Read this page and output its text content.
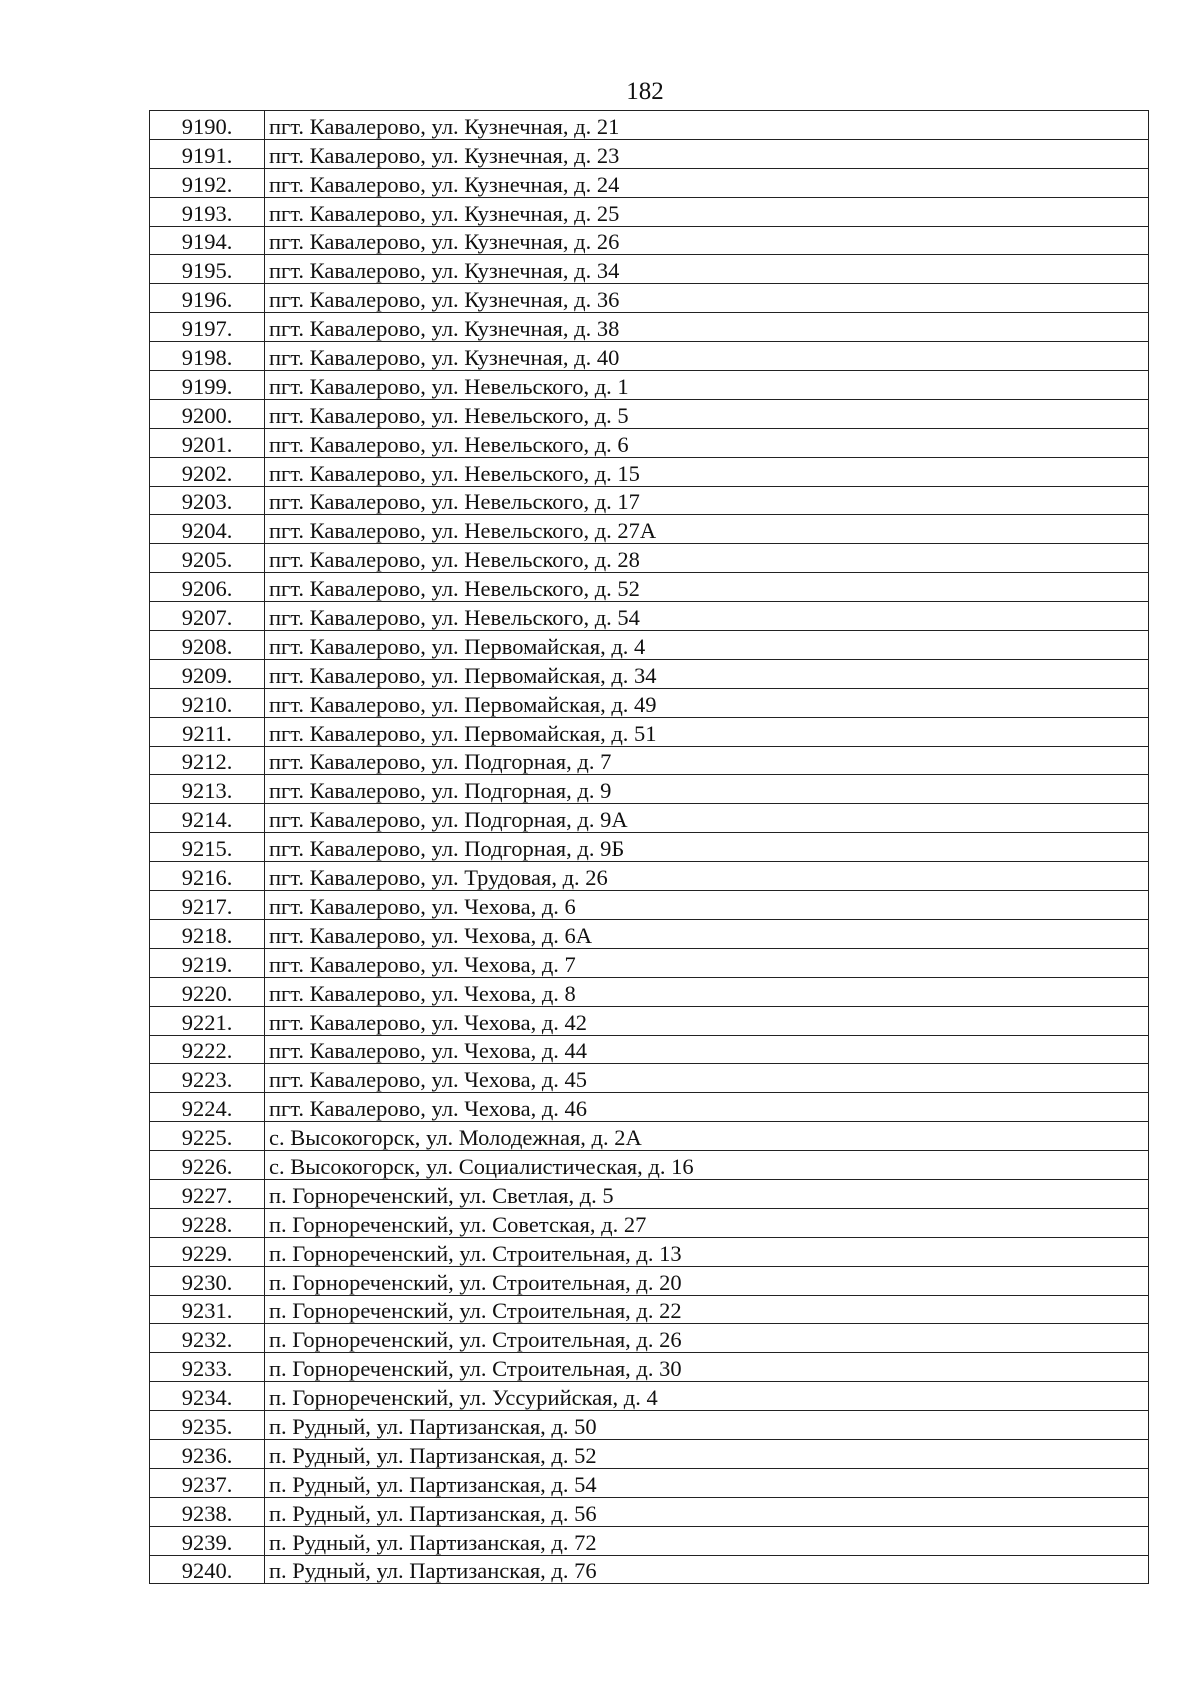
182
9190.	пгт. Кавалерово, ул. Кузнечная, д. 21
9191.	пгт. Кавалерово, ул. Кузнечная, д. 23
9192.	пгт. Кавалерово, ул. Кузнечная, д. 24
9193.	пгт. Кавалерово, ул. Кузнечная, д. 25
9194.	пгт. Кавалерово, ул. Кузнечная, д. 26
9195.	пгт. Кавалерово, ул. Кузнечная, д. 34
9196.	пгт. Кавалерово, ул. Кузнечная, д. 36
9197.	пгт. Кавалерово, ул. Кузнечная, д. 38
9198.	пгт. Кавалерово, ул. Кузнечная, д. 40
9199.	пгт. Кавалерово, ул. Невельского, д. 1
9200.	пгт. Кавалерово, ул. Невельского, д. 5
9201.	пгт. Кавалерово, ул. Невельского, д. 6
9202.	пгт. Кавалерово, ул. Невельского, д. 15
9203.	пгт. Кавалерово, ул. Невельского, д. 17
9204.	пгт. Кавалерово, ул. Невельского, д. 27А
9205.	пгт. Кавалерово, ул. Невельского, д. 28
9206.	пгт. Кавалерово, ул. Невельского, д. 52
9207.	пгт. Кавалерово, ул. Невельского, д. 54
9208.	пгт. Кавалерово, ул. Первомайская, д. 4
9209.	пгт. Кавалерово, ул. Первомайская, д. 34
9210.	пгт. Кавалерово, ул. Первомайская, д. 49
9211.	пгт. Кавалерово, ул. Первомайская, д. 51
9212.	пгт. Кавалерово, ул. Подгорная, д. 7
9213.	пгт. Кавалерово, ул. Подгорная, д. 9
9214.	пгт. Кавалерово, ул. Подгорная, д. 9А
9215.	пгт. Кавалерово, ул. Подгорная, д. 9Б
9216.	пгт. Кавалерово, ул. Трудовая, д. 26
9217.	пгт. Кавалерово, ул. Чехова, д. 6
9218.	пгт. Кавалерово, ул. Чехова, д. 6А
9219.	пгт. Кавалерово, ул. Чехова, д. 7
9220.	пгт. Кавалерово, ул. Чехова, д. 8
9221.	пгт. Кавалерово, ул. Чехова, д. 42
9222.	пгт. Кавалерово, ул. Чехова, д. 44
9223.	пгт. Кавалерово, ул. Чехова, д. 45
9224.	пгт. Кавалерово, ул. Чехова, д. 46
9225.	с. Высокогорск, ул. Молодежная, д. 2А
9226.	с. Высокогорск, ул. Социалистическая, д. 16
9227.	п. Горнореченский, ул. Светлая, д. 5
9228.	п. Горнореченский, ул. Советская, д. 27
9229.	п. Горнореченский, ул. Строительная, д. 13
9230.	п. Горнореченский, ул. Строительная, д. 20
9231.	п. Горнореченский, ул. Строительная, д. 22
9232.	п. Горнореченский, ул. Строительная, д. 26
9233.	п. Горнореченский, ул. Строительная, д. 30
9234.	п. Горнореченский, ул. Уссурийская, д. 4
9235.	п. Рудный, ул. Партизанская, д. 50
9236.	п. Рудный, ул. Партизанская, д. 52
9237.	п. Рудный, ул. Партизанская, д. 54
9238.	п. Рудный, ул. Партизанская, д. 56
9239.	п. Рудный, ул. Партизанская, д. 72
9240.	п. Рудный, ул. Партизанская, д. 76
